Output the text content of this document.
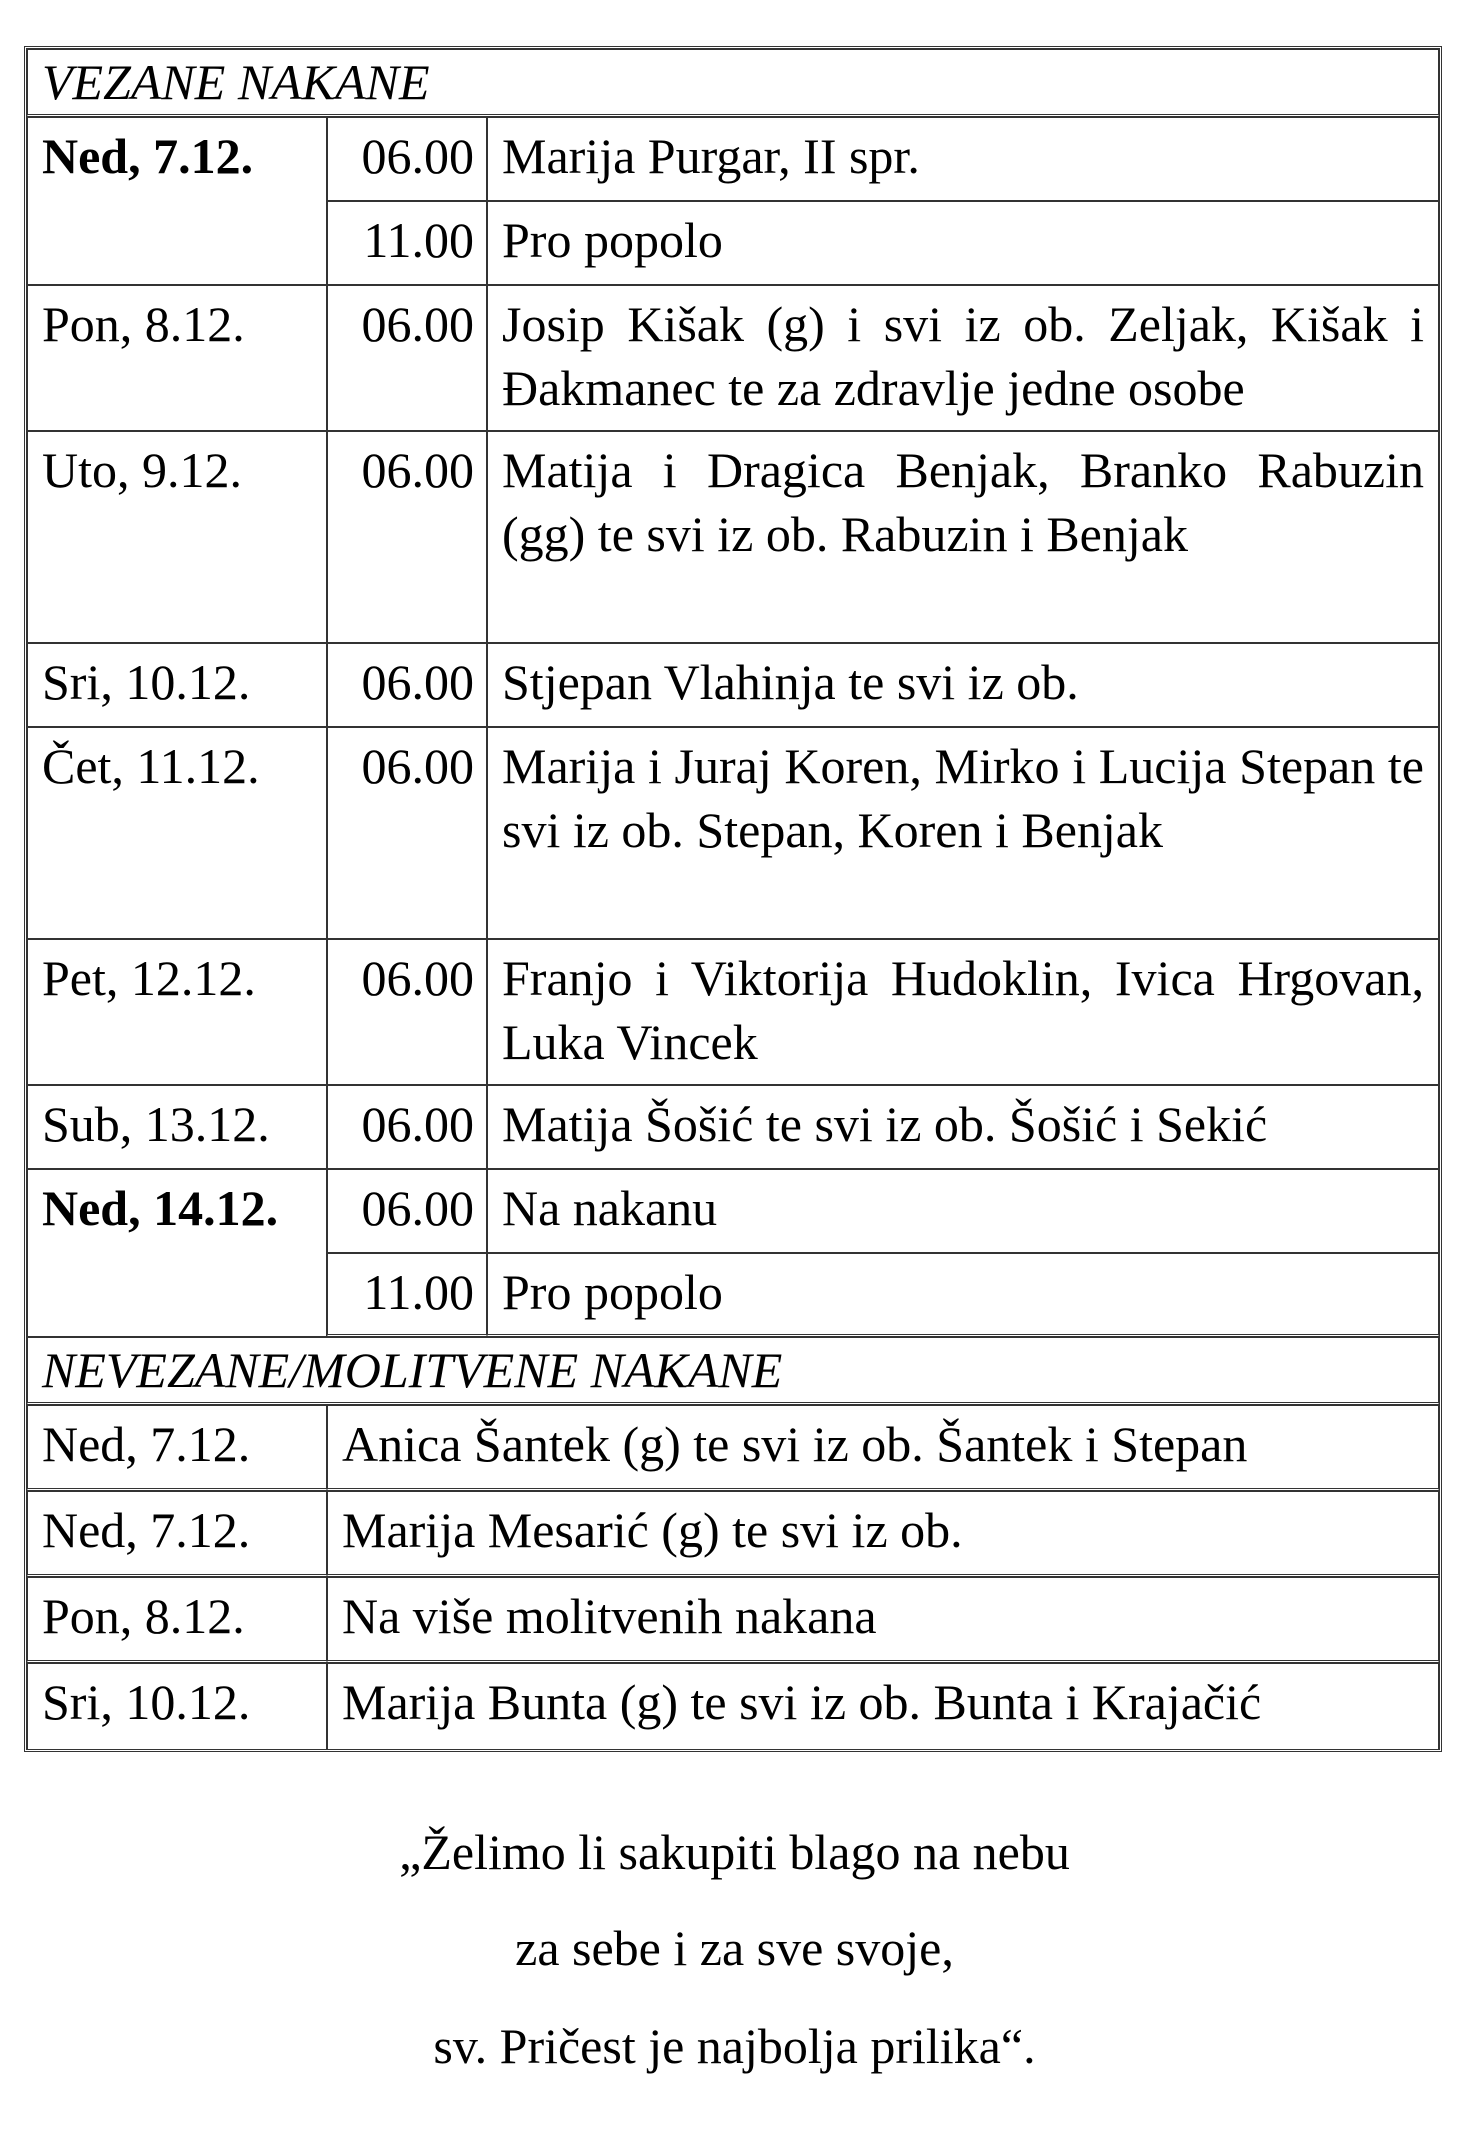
VEZANE NAKANE		
Ned, 7.12.	06.00	Marija Purgar, II spr.
	11.00	Pro popolo
Pon, 8.12.	06.00	Josip Kišak (g) i svi iz ob. Zeljak, Kišak i Đakmanec te za zdravlje jedne osobe
Uto, 9.12.	06.00	Matija i Dragica Benjak, Branko Rabuzin (gg) te svi iz ob. Rabuzin i Benjak
Sri, 10.12.	06.00	Stjepan Vlahinja te svi iz ob.
Čet, 11.12.	06.00	Marija i Juraj Koren, Mirko i Lucija Stepan te svi iz ob. Stepan, Koren i Benjak
Pet, 12.12.	06.00	Franjo i Viktorija Hudoklin, Ivica Hrgovan, Luka Vincek
Sub, 13.12.	06.00	Matija Šošić te svi iz ob. Šošić i Sekić
Ned, 14.12.	06.00	Na nakanu
	11.00	Pro popolo
NEVEZANE/MOLITVENE NAKANE		
Ned, 7.12.	Anica Šantek (g) te svi iz ob. Šantek i Stepan	
Ned, 7.12.	Marija Mesarić (g) te svi iz ob.	
Pon, 8.12.	Na više molitvenih nakana	
Sri, 10.12.	Marija Bunta (g) te svi iz ob. Bunta i Krajačić	
„Želimo li sakupiti blago na nebu
za sebe i za sve svoje,
sv. Pričest je najbolja prilika“.
